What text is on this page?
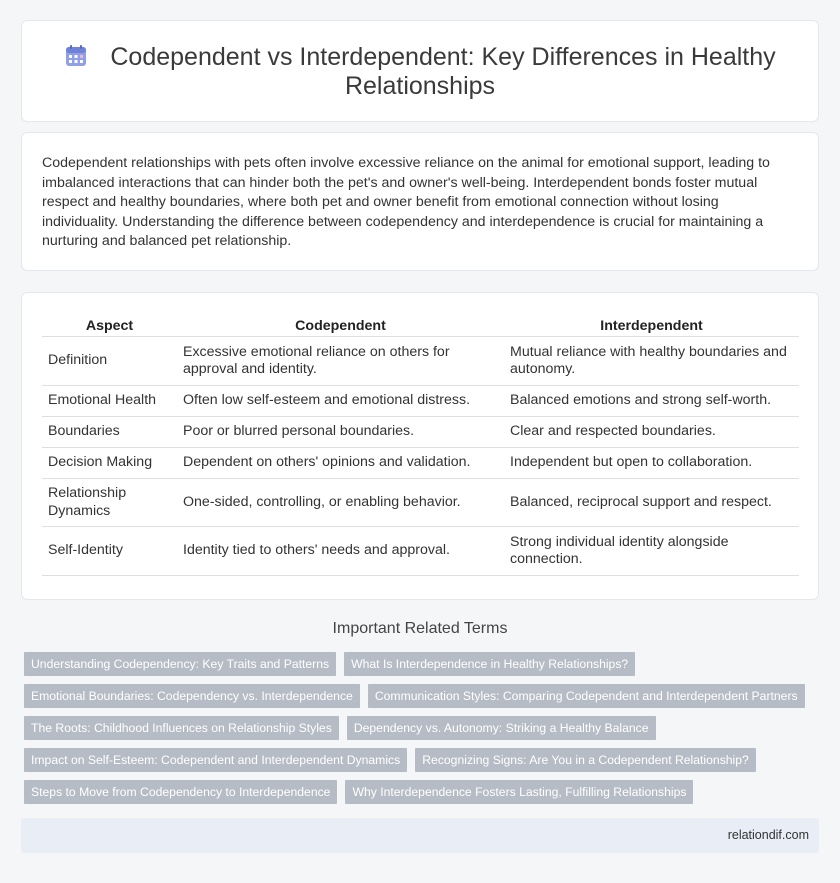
Codependent vs Interdependent: Key Differences in Healthy
Relationships

Codependent relationships with pets often involve excessive reliance on the animal for emotional support, leading to imbalanced interactions that can hinder both the pet's and owner's well-being. Interdependent bonds foster mutual respect and healthy boundaries, where both pet and owner benefit from emotional connection without losing individuality. Understanding the difference between codependency and interdependence is crucial for maintaining a nurturing and balanced pet relationship.

Aspect	Codependent	Interdependent
Definition	Excessive emotional reliance on others for approval and identity.	Mutual reliance with healthy boundaries and autonomy.
Emotional Health	Often low self-esteem and emotional distress.	Balanced emotions and strong self-worth.
Boundaries	Poor or blurred personal boundaries.	Clear and respected boundaries.
Decision Making	Dependent on others' opinions and validation.	Independent but open to collaboration.
Relationship Dynamics	One-sided, controlling, or enabling behavior.	Balanced, reciprocal support and respect.
Self-Identity	Identity tied to others' needs and approval.	Strong individual identity alongside connection.
Important Related Terms
Understanding Codependency: Key Traits and Patterns	What Is Interdependence in Healthy Relationships?
Emotional Boundaries: Codependency vs. Interdependence	Communication Styles: Comparing Codependent and Interdependent Partners
The Roots: Childhood Influences on Relationship Styles	Dependency vs. Autonomy: Striking a Healthy Balance
Impact on Self-Esteem: Codependent and Interdependent Dynamics	Recognizing Signs: Are You in a Codependent Relationship?
Steps to Move from Codependency to Interdependence	Why Interdependence Fosters Lasting, Fulfilling Relationships
relationdif.com
